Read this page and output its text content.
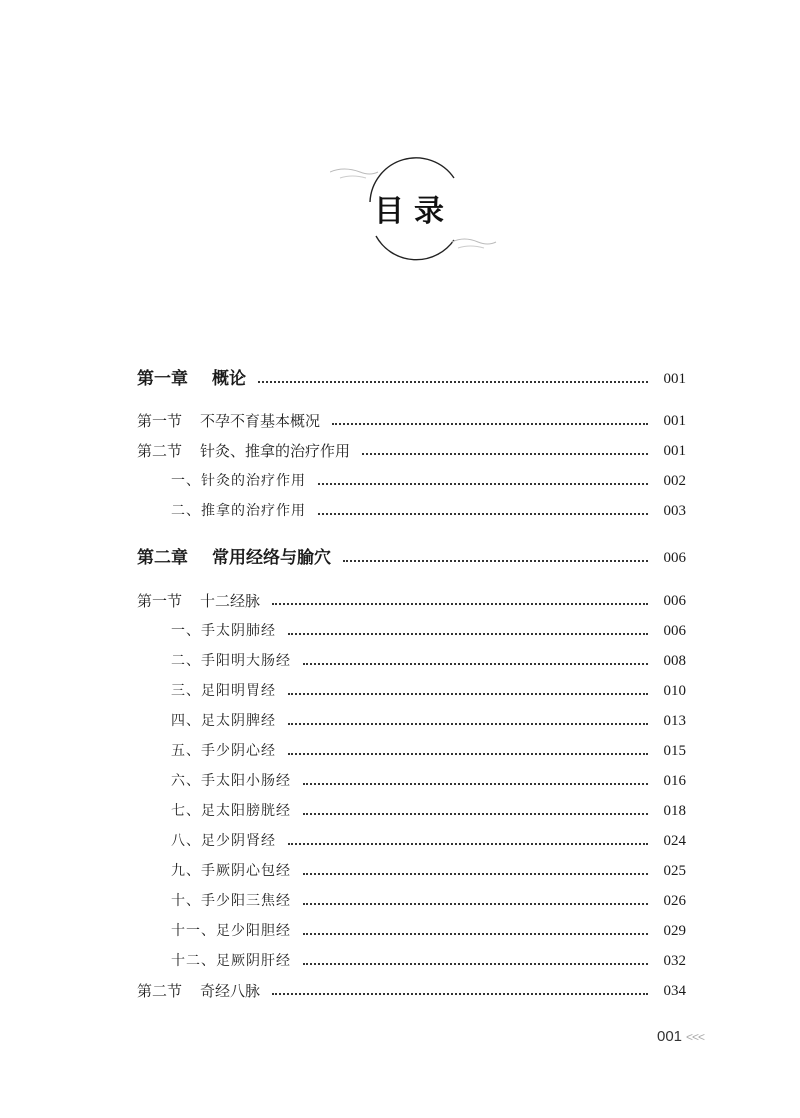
目录
第一章 概论	001
第一节 不孕不育基本概况	001
第二节 针灸、推拿的治疗作用	001
一、针灸的治疗作用	002
二、推拿的治疗作用	003
第二章 常用经络与腧穴	006
第一节 十二经脉	006
一、手太阴肺经	006
二、手阳明大肠经	008
三、足阳明胃经	010
四、足太阴脾经	013
五、手少阴心经	015
六、手太阳小肠经	016
七、足太阳膀胱经	018
八、足少阴肾经	024
九、手厥阴心包经	025
十、手少阳三焦经	026
十一、足少阳胆经	029
十二、足厥阴肝经	032
第二节 奇经八脉	034
001 <<<
